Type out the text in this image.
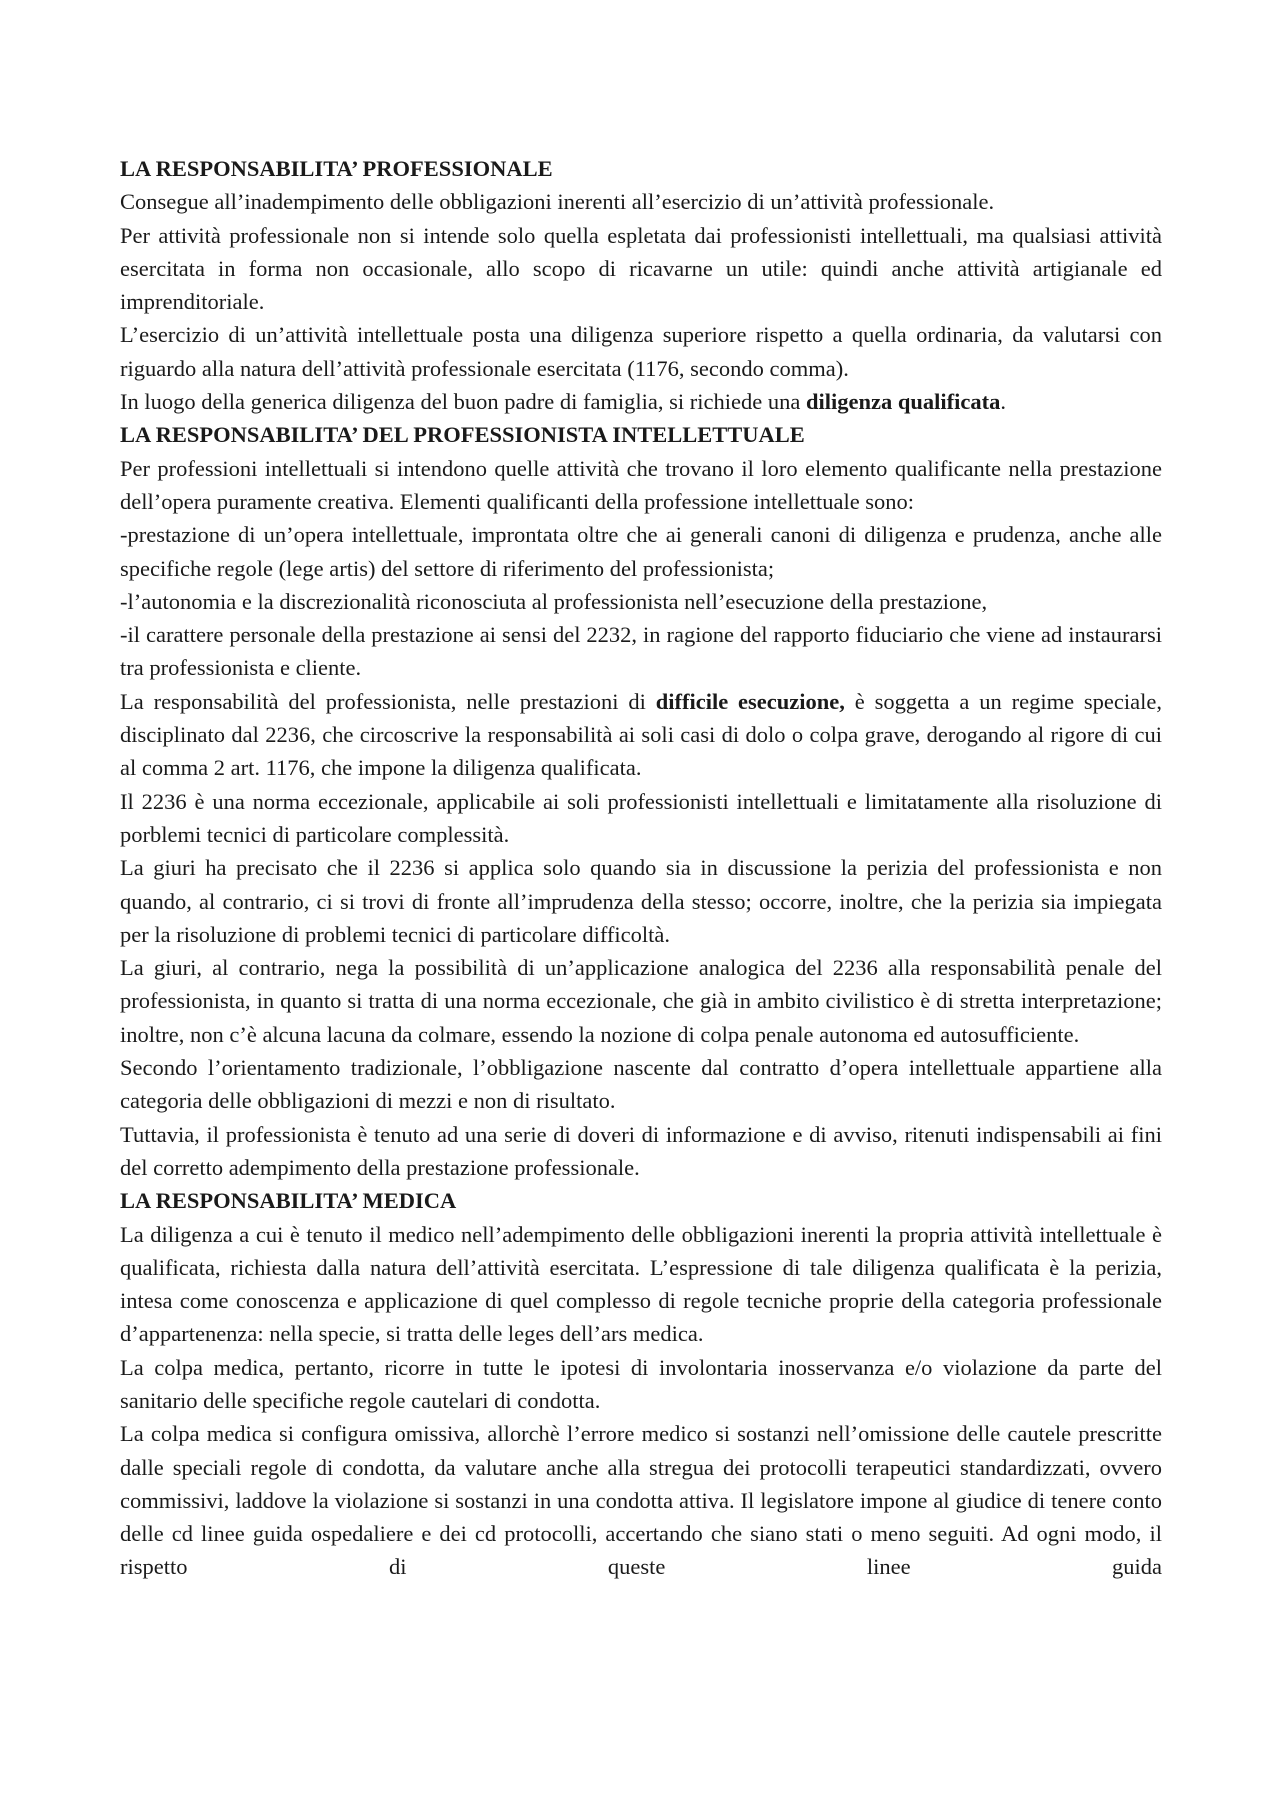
LA RESPONSABILITA’ PROFESSIONALE

Consegue all’inadempimento delle obbligazioni inerenti all’esercizio di un’attività professionale.

Per attività professionale non si intende solo quella espletata dai professionisti intellettuali, ma qualsiasi attività esercitata in forma non occasionale, allo scopo di ricavarne un utile: quindi anche attività artigianale ed imprenditoriale.

L’esercizio di un’attività intellettuale posta una diligenza superiore rispetto a quella ordinaria, da valutarsi con riguardo alla natura dell’attività professionale esercitata (1176, secondo comma).

In luogo della generica diligenza del buon padre di famiglia, si richiede una diligenza qualificata.

LA RESPONSABILITA’ DEL PROFESSIONISTA INTELLETTUALE

Per professioni intellettuali si intendono quelle attività che trovano il loro elemento qualificante nella prestazione dell’opera puramente creativa. Elementi qualificanti della professione intellettuale sono:

-prestazione di un’opera intellettuale, improntata oltre che ai generali canoni di diligenza e prudenza, anche alle specifiche regole (lege artis) del settore di riferimento del professionista;

-l’autonomia e la discrezionalità riconosciuta al professionista nell’esecuzione della prestazione,

-il carattere personale della prestazione ai sensi del 2232, in ragione del rapporto fiduciario che viene ad instaurarsi tra professionista e cliente.

La responsabilità del professionista, nelle prestazioni di difficile esecuzione, è soggetta a un regime speciale, disciplinato dal 2236, che circoscrive la responsabilità ai soli casi di dolo o colpa grave, derogando al rigore di cui al comma 2 art. 1176, che impone la diligenza qualificata.

Il 2236 è una norma eccezionale, applicabile ai soli professionisti intellettuali e limitatamente alla risoluzione di porblemi tecnici di particolare complessità.

La giuri ha precisato che il 2236 si applica solo quando sia in discussione la perizia del professionista e non quando, al contrario, ci si trovi di fronte all’imprudenza della stesso; occorre, inoltre, che la perizia sia impiegata per la risoluzione di problemi tecnici di particolare difficoltà.

La giuri, al contrario, nega la possibilità di un’applicazione analogica del 2236 alla responsabilità penale del professionista, in quanto si tratta di una norma eccezionale, che già in ambito civilistico è di stretta interpretazione; inoltre, non c’è alcuna lacuna da colmare, essendo la nozione di colpa penale autonoma ed autosufficiente.

Secondo l’orientamento tradizionale, l’obbligazione nascente dal contratto d’opera intellettuale appartiene alla categoria delle obbligazioni di mezzi e non di risultato.

Tuttavia, il professionista è tenuto ad una serie di doveri di informazione e di avviso, ritenuti indispensabili ai fini del corretto adempimento della prestazione professionale.

LA RESPONSABILITA’ MEDICA

La diligenza a cui è tenuto il medico nell’adempimento delle obbligazioni inerenti la propria attività intellettuale è qualificata, richiesta dalla natura dell’attività esercitata. L’espressione di tale diligenza qualificata è la perizia, intesa come conoscenza e applicazione di quel complesso di regole tecniche proprie della categoria professionale d’appartenenza: nella specie, si tratta delle leges dell’ars medica.

La colpa medica, pertanto, ricorre in tutte le ipotesi di involontaria inosservanza e/o violazione da parte del sanitario delle specifiche regole cautelari di condotta.

La colpa medica si configura omissiva, allorchè l’errore medico si sostanzi nell’omissione delle cautele prescritte dalle speciali regole di condotta, da valutare anche alla stregua dei protocolli terapeutici standardizzati, ovvero commissivi, laddove la violazione si sostanzi in una condotta attiva. Il legislatore impone al giudice di tenere conto delle cd linee guida ospedaliere e dei cd protocolli, accertando che siano stati o meno seguiti. Ad ogni modo, il rispetto di queste linee guida
